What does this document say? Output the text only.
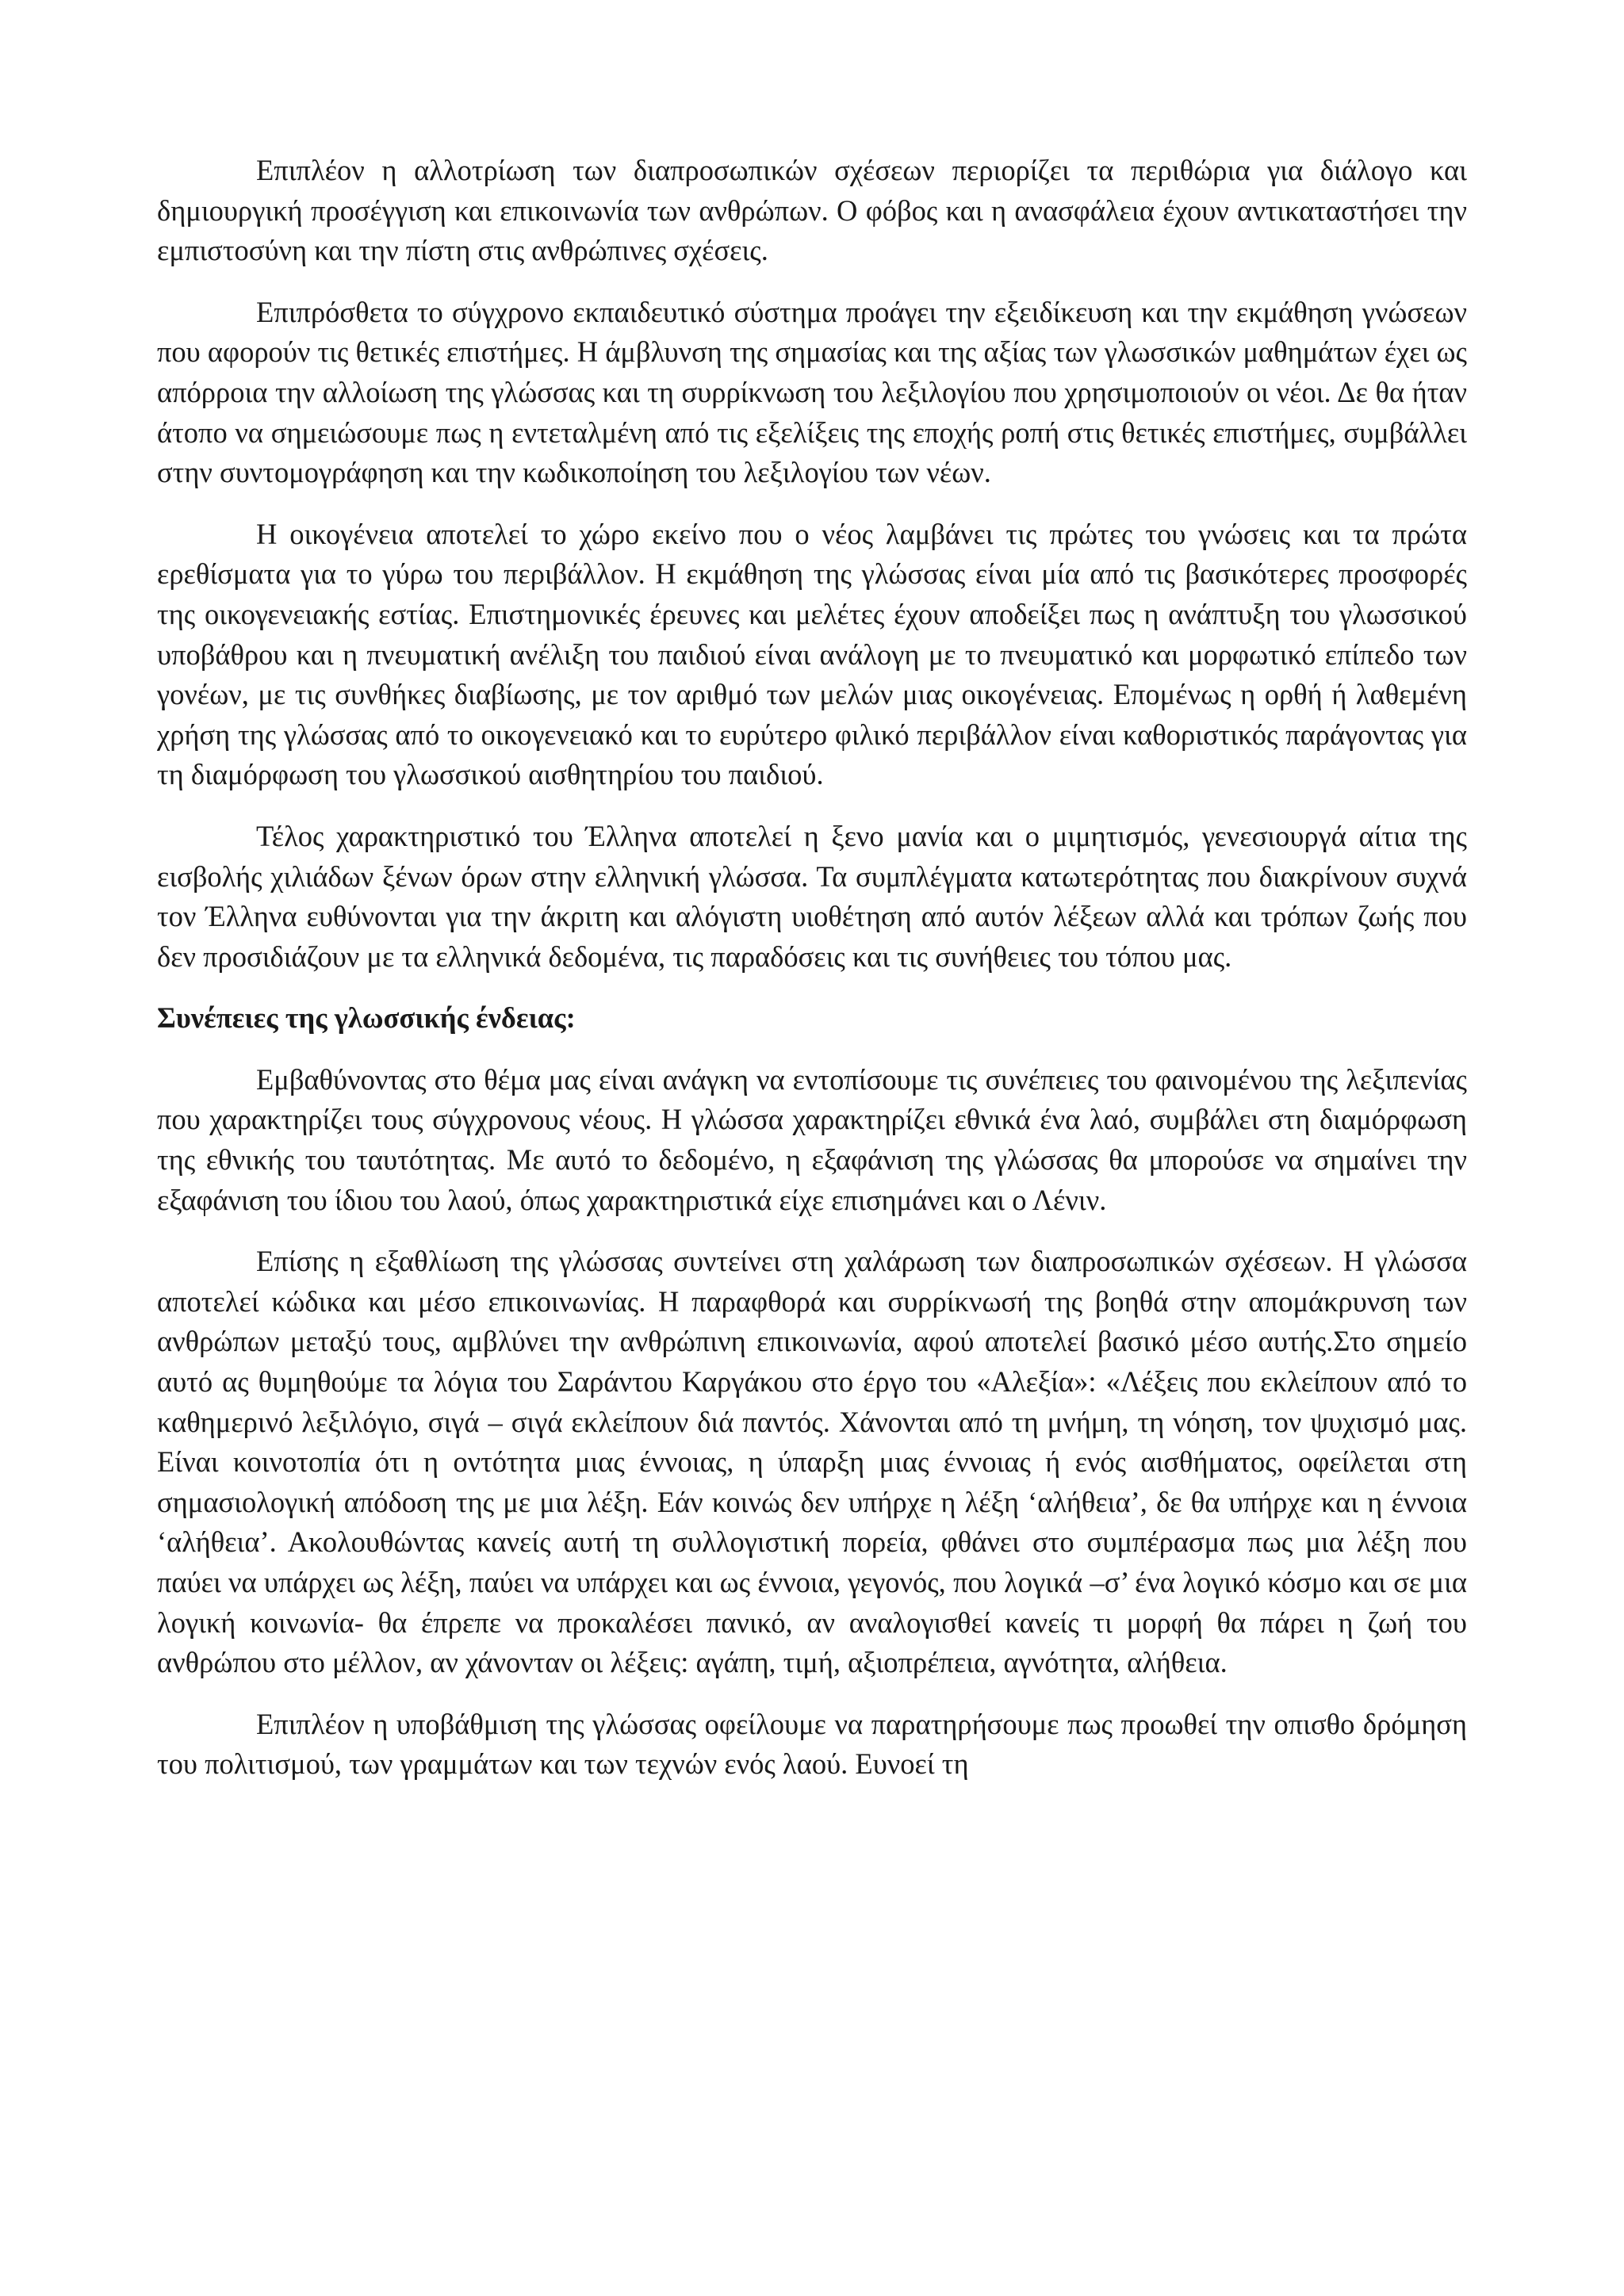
Επιπλέον η αλλοτρίωση των διαπροσωπικών σχέσεων περιορίζει τα περιθώρια για διάλογο και δημιουργική προσέγγιση και επικοινωνία των ανθρώπων. Ο φόβος και η ανασφάλεια έχουν αντικαταστήσει την εμπιστοσύνη και την πίστη στις ανθρώπινες σχέσεις.

Επιπρόσθετα το σύγχρονο εκπαιδευτικό σύστημα προάγει την εξειδίκευση και την εκμάθηση γνώσεων που αφορούν τις θετικές επιστήμες. Η άμβλυνση της σημασίας και της αξίας των γλωσσικών μαθημάτων έχει ως απόρροια την αλλοίωση της γλώσσας και τη συρρίκνωση του λεξιλογίου που χρησιμοποιούν οι νέοι. Δε θα ήταν άτοπο να σημειώσουμε πως η εντεταλμένη από τις εξελίξεις της εποχής ροπή στις θετικές επιστήμες, συμβάλλει στην συντομογράφηση και την κωδικοποίηση του λεξιλογίου των νέων.

Η οικογένεια αποτελεί το χώρο εκείνο που ο νέος λαμβάνει τις πρώτες του γνώσεις και τα πρώτα ερεθίσματα για το γύρω του περιβάλλον. Η εκμάθηση της γλώσσας είναι μία από τις βασικότερες προσφορές της οικογενειακής εστίας. Επιστημονικές έρευνες και μελέτες έχουν αποδείξει πως η ανάπτυξη του γλωσσικού υποβάθρου και η πνευματική ανέλιξη του παιδιού είναι ανάλογη με το πνευματικό και μορφωτικό επίπεδο των γονέων, με τις συνθήκες διαβίωσης, με τον αριθμό των μελών μιας οικογένειας. Επομένως η ορθή ή λαθεμένη χρήση της γλώσσας από το οικογενειακό και το ευρύτερο φιλικό περιβάλλον είναι καθοριστικός παράγοντας για τη διαμόρφωση του γλωσσικού αισθητηρίου του παιδιού.

Τέλος χαρακτηριστικό του Έλληνα αποτελεί η ξενο μανία και ο μιμητισμός, γενεσιουργά αίτια της εισβολής χιλιάδων ξένων όρων στην ελληνική γλώσσα. Τα συμπλέγματα κατωτερότητας που διακρίνουν συχνά τον Έλληνα ευθύνονται για την άκριτη και αλόγιστη υιοθέτηση από αυτόν λέξεων αλλά και τρόπων ζωής που δεν προσιδιάζουν με τα ελληνικά δεδομένα, τις παραδόσεις και τις συνήθειες του τόπου μας.

Συνέπειες της γλωσσικής ένδειας:

Εμβαθύνοντας στο θέμα μας είναι ανάγκη να εντοπίσουμε τις συνέπειες του φαινομένου της λεξιπενίας που χαρακτηρίζει τους σύγχρονους νέους. Η γλώσσα χαρακτηρίζει εθνικά ένα λαό, συμβάλει στη διαμόρφωση της εθνικής του ταυτότητας. Με αυτό το δεδομένο, η εξαφάνιση της γλώσσας θα μπορούσε να σημαίνει την εξαφάνιση του ίδιου του λαού, όπως χαρακτηριστικά είχε επισημάνει και ο Λένιν.

Επίσης η εξαθλίωση της γλώσσας συντείνει στη χαλάρωση των διαπροσωπικών σχέσεων. Η γλώσσα αποτελεί κώδικα και μέσο επικοινωνίας. Η παραφθορά και συρρίκνωσή της βοηθά στην απομάκρυνση των ανθρώπων μεταξύ τους, αμβλύνει την ανθρώπινη επικοινωνία, αφού αποτελεί βασικό μέσο αυτής.Στο σημείο αυτό ας θυμηθούμε τα λόγια του Σαράντου Καργάκου στο έργο του «Αλεξία»: «Λέξεις που εκλείπουν από το καθημερινό λεξιλόγιο, σιγά – σιγά εκλείπουν διά παντός. Χάνονται από τη μνήμη, τη νόηση, τον ψυχισμό μας. Είναι κοινοτοπία ότι η οντότητα μιας έννοιας, η ύπαρξη μιας έννοιας ή ενός αισθήματος, οφείλεται στη σημασιολογική απόδοση της με μια λέξη. Εάν κοινώς δεν υπήρχε η λέξη ‘αλήθεια’, δε θα υπήρχε και η έννοια ‘αλήθεια’. Ακολουθώντας κανείς αυτή τη συλλογιστική πορεία, φθάνει στο συμπέρασμα πως μια λέξη που παύει να υπάρχει ως λέξη, παύει να υπάρχει και ως έννοια, γεγονός, που λογικά –σ’ ένα λογικό κόσμο και σε μια λογική κοινωνία- θα έπρεπε να προκαλέσει πανικό, αν αναλογισθεί κανείς τι μορφή θα πάρει η ζωή του ανθρώπου στο μέλλον, αν χάνονταν οι λέξεις: αγάπη, τιμή, αξιοπρέπεια, αγνότητα, αλήθεια.

Επιπλέον η υποβάθμιση της γλώσσας οφείλουμε να παρατηρήσουμε πως προωθεί την οπισθο δρόμηση του πολιτισμού, των γραμμάτων και των τεχνών ενός λαού. Ευνοεί τη
